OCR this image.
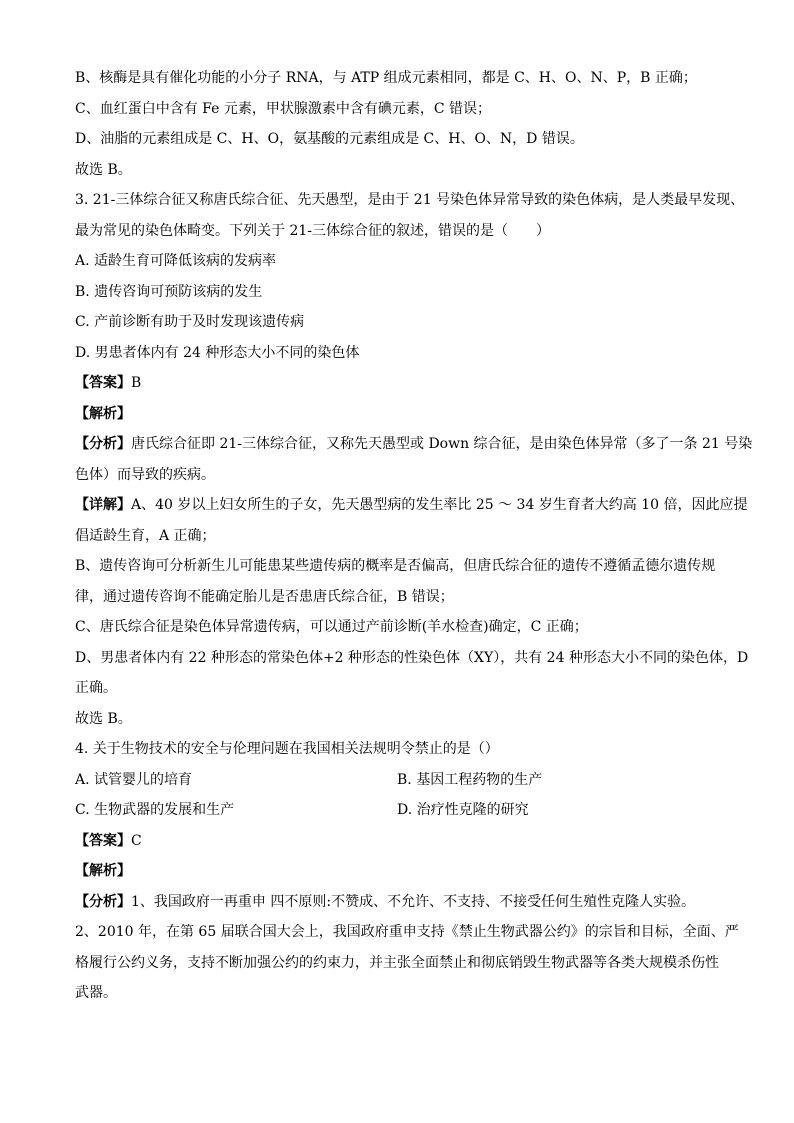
B、核酶是具有催化功能的小分子 RNA，与 ATP 组成元素相同，都是 C、H、O、N、P，B 正确；

C、血红蛋白中含有 Fe 元素，甲状腺激素中含有碘元素，C 错误；

D、油脂的元素组成是 C、H、O，氨基酸的元素组成是 C、H、O、N，D 错误。

故选 B。

3. 21-三体综合征又称唐氏综合征、先天愚型，是由于 21 号染色体异常导致的染色体病，是人类最早发现、

最为常见的染色体畸变。下列关于 21-三体综合征的叙述，错误的是（　　）

A. 适龄生育可降低该病的发病率

B. 遗传咨询可预防该病的发生

C. 产前诊断有助于及时发现该遗传病

D. 男患者体内有 24 种形态大小不同的染色体

【答案】B

【解析】

【分析】唐氏综合征即 21-三体综合征，又称先天愚型或 Down 综合征，是由染色体异常（多了一条 21 号染

色体）而导致的疾病。

【详解】A、40 岁以上妇女所生的子女，先天愚型病的发生率比 25 ～ 34 岁生育者大约高 10 倍，因此应提

倡适龄生育，A 正确；

B、遗传咨询可分析新生儿可能患某些遗传病的概率是否偏高，但唐氏综合征的遗传不遵循孟德尔遗传规

律，通过遗传咨询不能确定胎儿是否患唐氏综合征，B 错误；

C、唐氏综合征是染色体异常遗传病，可以通过产前诊断(羊水检查)确定，C 正确；

D、男患者体内有 22 种形态的常染色体+2 种形态的性染色体（XY），共有 24 种形态大小不同的染色体，D

正确。

故选 B。

4. 关于生物技术的安全与伦理问题在我国相关法规明令禁止的是（）

A. 试管婴儿的培育	B. 基因工程药物的生产
C. 生物武器的发展和生产	D. 治疗性克隆的研究

【答案】C

【解析】

【分析】1、我国政府一再重申 四不原则:不赞成、不允许、不支持、不接受任何生殖性克隆人实验。

2、2010 年，在第 65 届联合国大会上，我国政府重申支持《禁止生物武器公约》的宗旨和目标，全面、严

格履行公约义务，支持不断加强公约的约束力，并主张全面禁止和彻底销毁生物武器等各类大规模杀伤性

武器。
